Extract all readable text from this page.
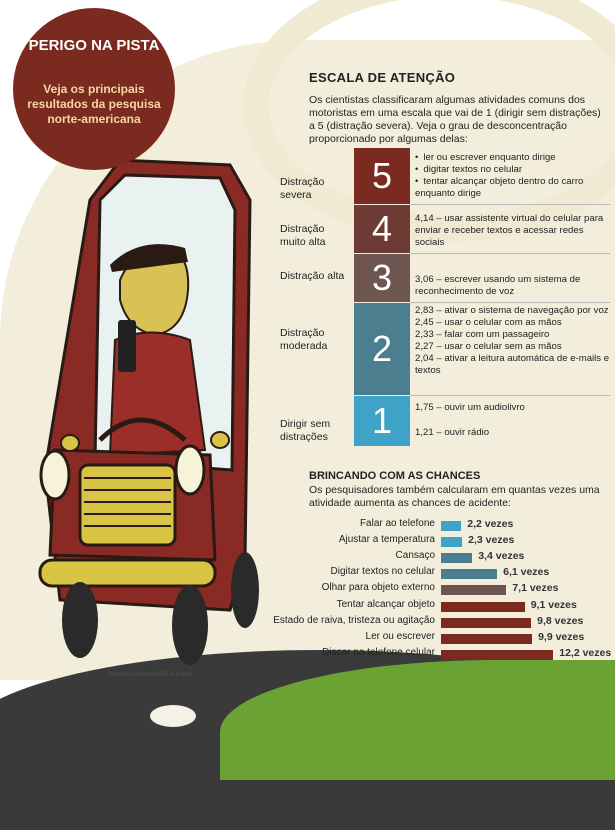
PERIGO NA PISTA
Veja os principais resultados da pesquisa norte-americana
ESCALA DE ATENÇÃO
Os cientistas classificaram algumas atividades comuns dos motoristas em uma escala que vai de 1 (dirigir sem distrações) a 5 (distração severa). Veja o grau de desconcentração proporcionado por algumas delas:
Distração severa	5
•	ler ou escrever enquanto dirige
• digitar textos no celular
• tentar alcançar objeto dentro do carro enquanto dirige
Distração muito alta	4	4,14 – usar assistente virtual do celular para enviar e receber textos e acessar redes sociais
Distração alta 3	3,06 – escrever usando um sistema de reconhecimento de voz
Distração moderada	2
2,83 – ativar o sistema de navegação por voz
2,45 – usar o celular com as mãos
2,33 – falar com um passageiro
2,27 – usar o celular sem as mãos
2,04 – ativar a leitura automática de e-mails e textos
Dirigir sem distrações	1	1,75 – ouvir um audiolivro
1,21 – ouvir rádio
BRINCANDO COM AS CHANCES
Os pesquisadores também calcularam em quantas vezes uma atividade aumenta as chances de acidente:
Falar ao telefone	2,2 vezes
Ajustar a temperatura	2,3 vezes
Cansaço	3,4 vezes
Digitar textos no celular	6,1 vezes
Olhar para objeto externo	7,1 vezes
Tentar alcançar objeto	9,1 vezes
Estado de raiva, tristeza ou agitação	9,8 vezes
Ler ou escrever	9,9 vezes
Discar no telefone celular	12,2 vezes
Cristiano Gomes/CB/D.A Press
